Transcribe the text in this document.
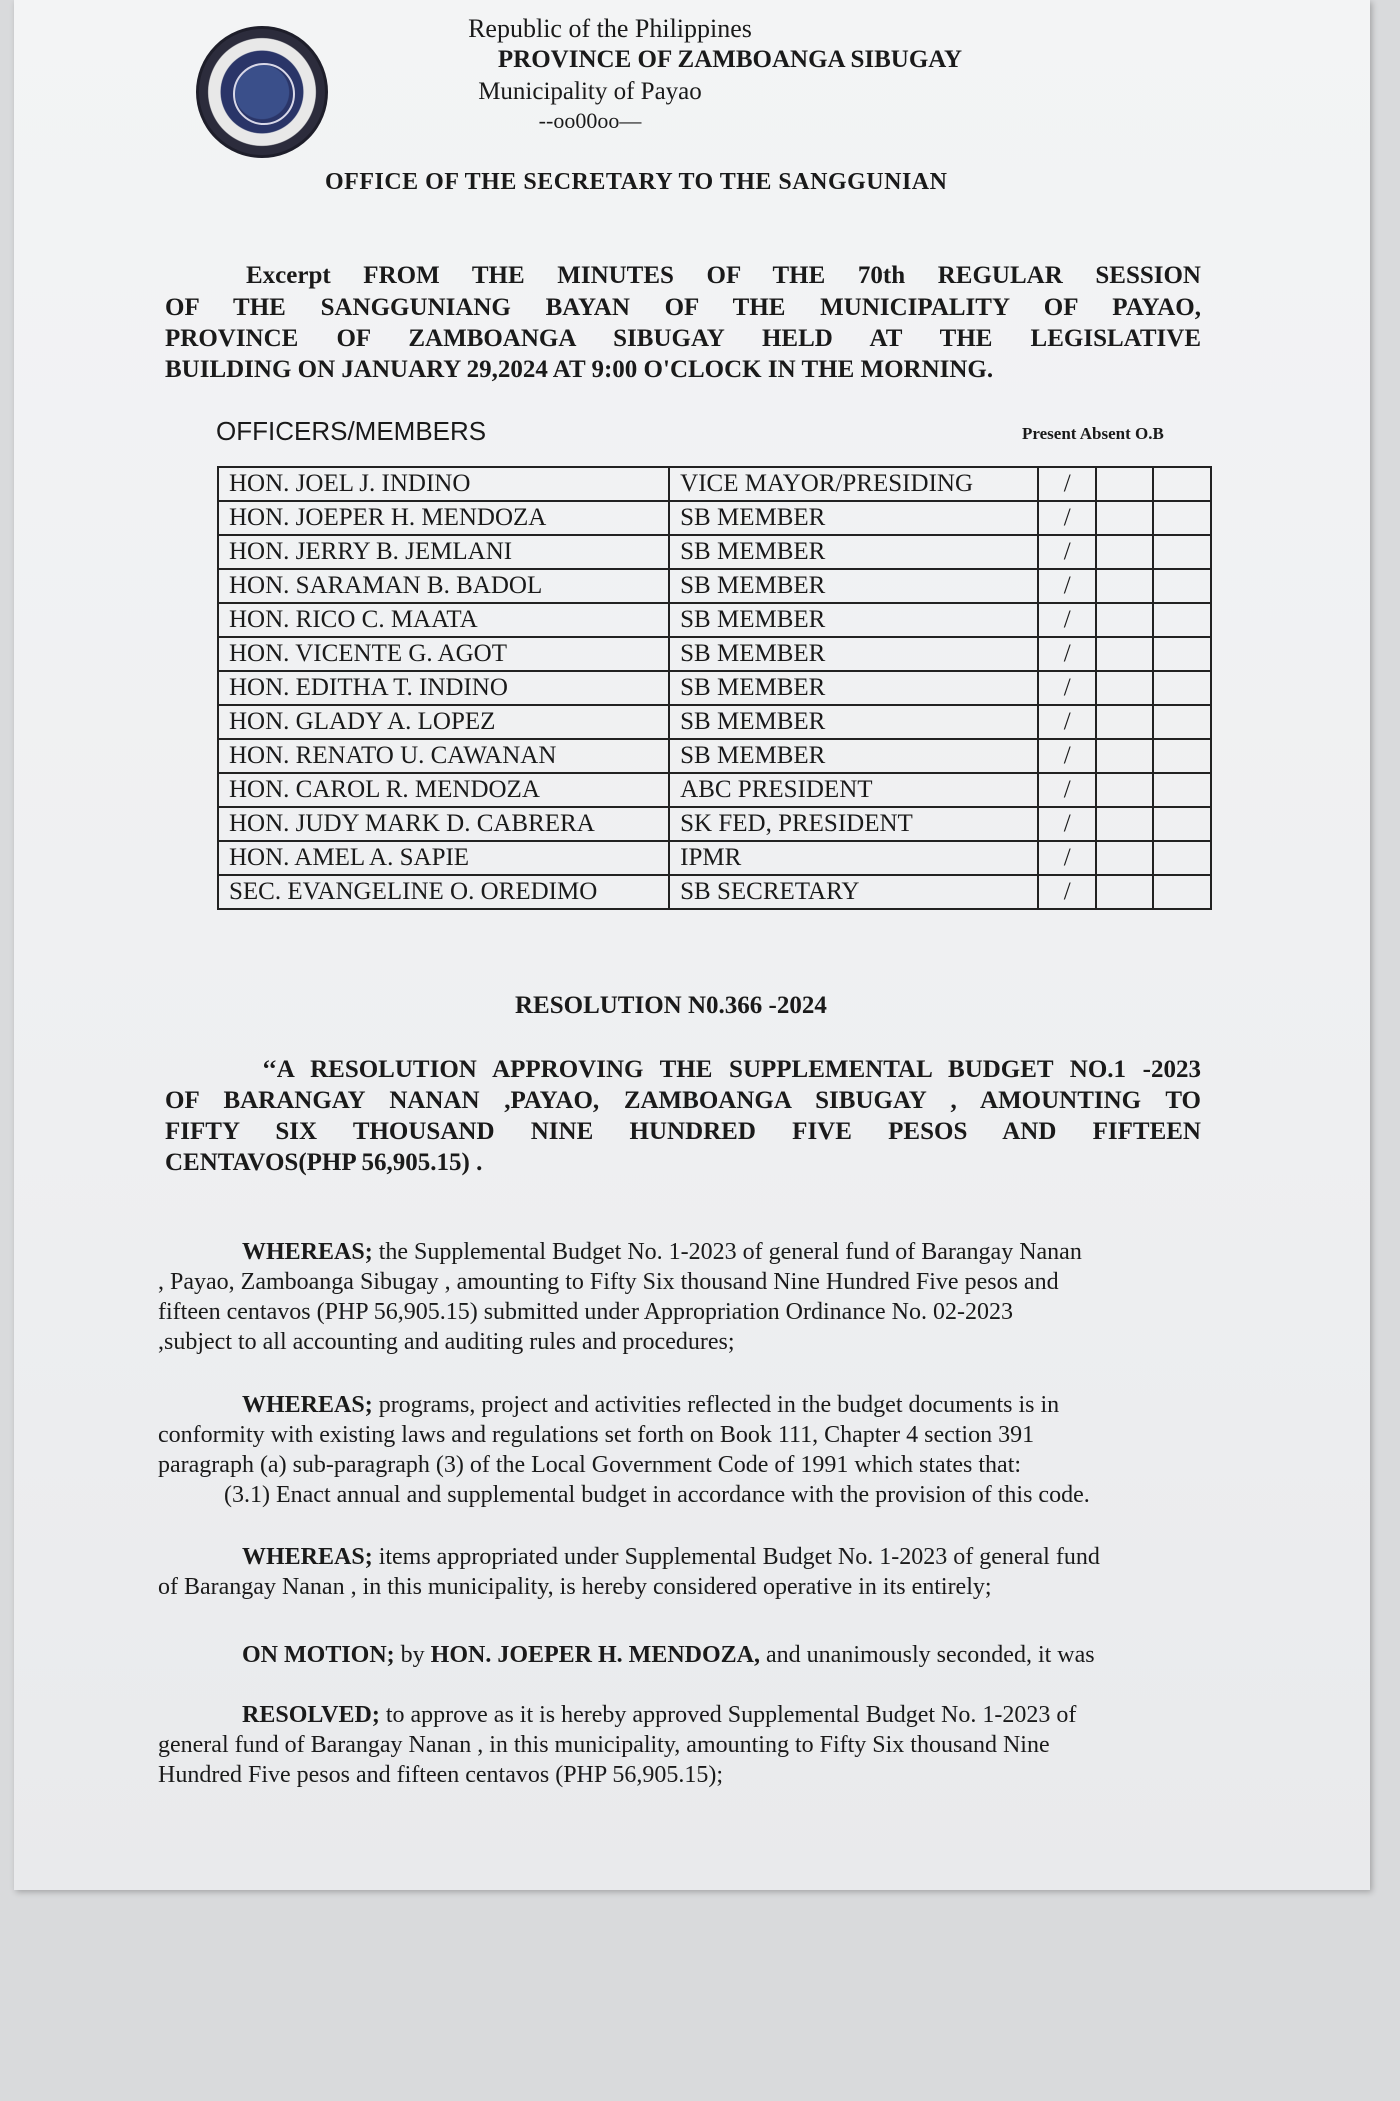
Republic of the Philippines
PROVINCE OF ZAMBOANGA SIBUGAY
Municipality of Payao
--oo00oo—
OFFICE OF THE SECRETARY TO THE SANGGUNIAN
Excerpt FROM THE MINUTES OF THE 70th REGULAR SESSION
OF THE SANGGUNIANG BAYAN OF THE MUNICIPALITY OF PAYAO,
PROVINCE OF ZAMBOANGA SIBUGAY HELD AT THE LEGISLATIVE
BUILDING ON JANUARY 29,2024 AT 9:00 O'CLOCK IN THE MORNING.
OFFICERS/MEMBERS	Present Absent O.B
HON. JOEL J. INDINO	VICE MAYOR/PRESIDING	/		
HON. JOEPER H. MENDOZA	SB MEMBER	/		
HON. JERRY B. JEMLANI	SB MEMBER	/		
HON. SARAMAN B. BADOL	SB MEMBER	/		
HON. RICO C. MAATA	SB MEMBER	/		
HON. VICENTE G. AGOT	SB MEMBER	/		
HON. EDITHA T. INDINO	SB MEMBER	/		
HON. GLADY A. LOPEZ	SB MEMBER	/		
HON. RENATO U. CAWANAN	SB MEMBER	/		
HON. CAROL R. MENDOZA	ABC PRESIDENT	/		
HON. JUDY MARK D. CABRERA	SK FED, PRESIDENT	/		
HON. AMEL A. SAPIE	IPMR	/		
SEC. EVANGELINE O. OREDIMO	SB SECRETARY	/		
RESOLUTION N0.366 -2024
‘‘A RESOLUTION APPROVING THE SUPPLEMENTAL BUDGET NO.1 -2023
OF BARANGAY NANAN ,PAYAO, ZAMBOANGA SIBUGAY , AMOUNTING TO
FIFTY SIX THOUSAND NINE HUNDRED FIVE PESOS AND FIFTEEN
CENTAVOS(PHP 56,905.15) .
WHEREAS; the Supplemental Budget No. 1-2023 of general fund of Barangay Nanan
, Payao, Zamboanga Sibugay , amounting to Fifty Six thousand Nine Hundred Five pesos and
fifteen centavos (PHP 56,905.15) submitted under Appropriation Ordinance No. 02-2023
,subject to all accounting and auditing rules and procedures;
WHEREAS; programs, project and activities reflected in the budget documents is in
conformity with existing laws and regulations set forth on Book 111, Chapter 4 section 391
paragraph (a) sub-paragraph (3) of the Local Government Code of 1991 which states that:
(3.1) Enact annual and supplemental budget in accordance with the provision of this code.
WHEREAS; items appropriated under Supplemental Budget No. 1-2023 of general fund
of Barangay Nanan , in this municipality, is hereby considered operative in its entirely;
ON MOTION; by HON. JOEPER H. MENDOZA, and unanimously seconded, it was
RESOLVED; to approve as it is hereby approved Supplemental Budget No. 1-2023 of
general fund of Barangay Nanan , in this municipality, amounting to Fifty Six thousand Nine
Hundred Five pesos and fifteen centavos (PHP 56,905.15);
